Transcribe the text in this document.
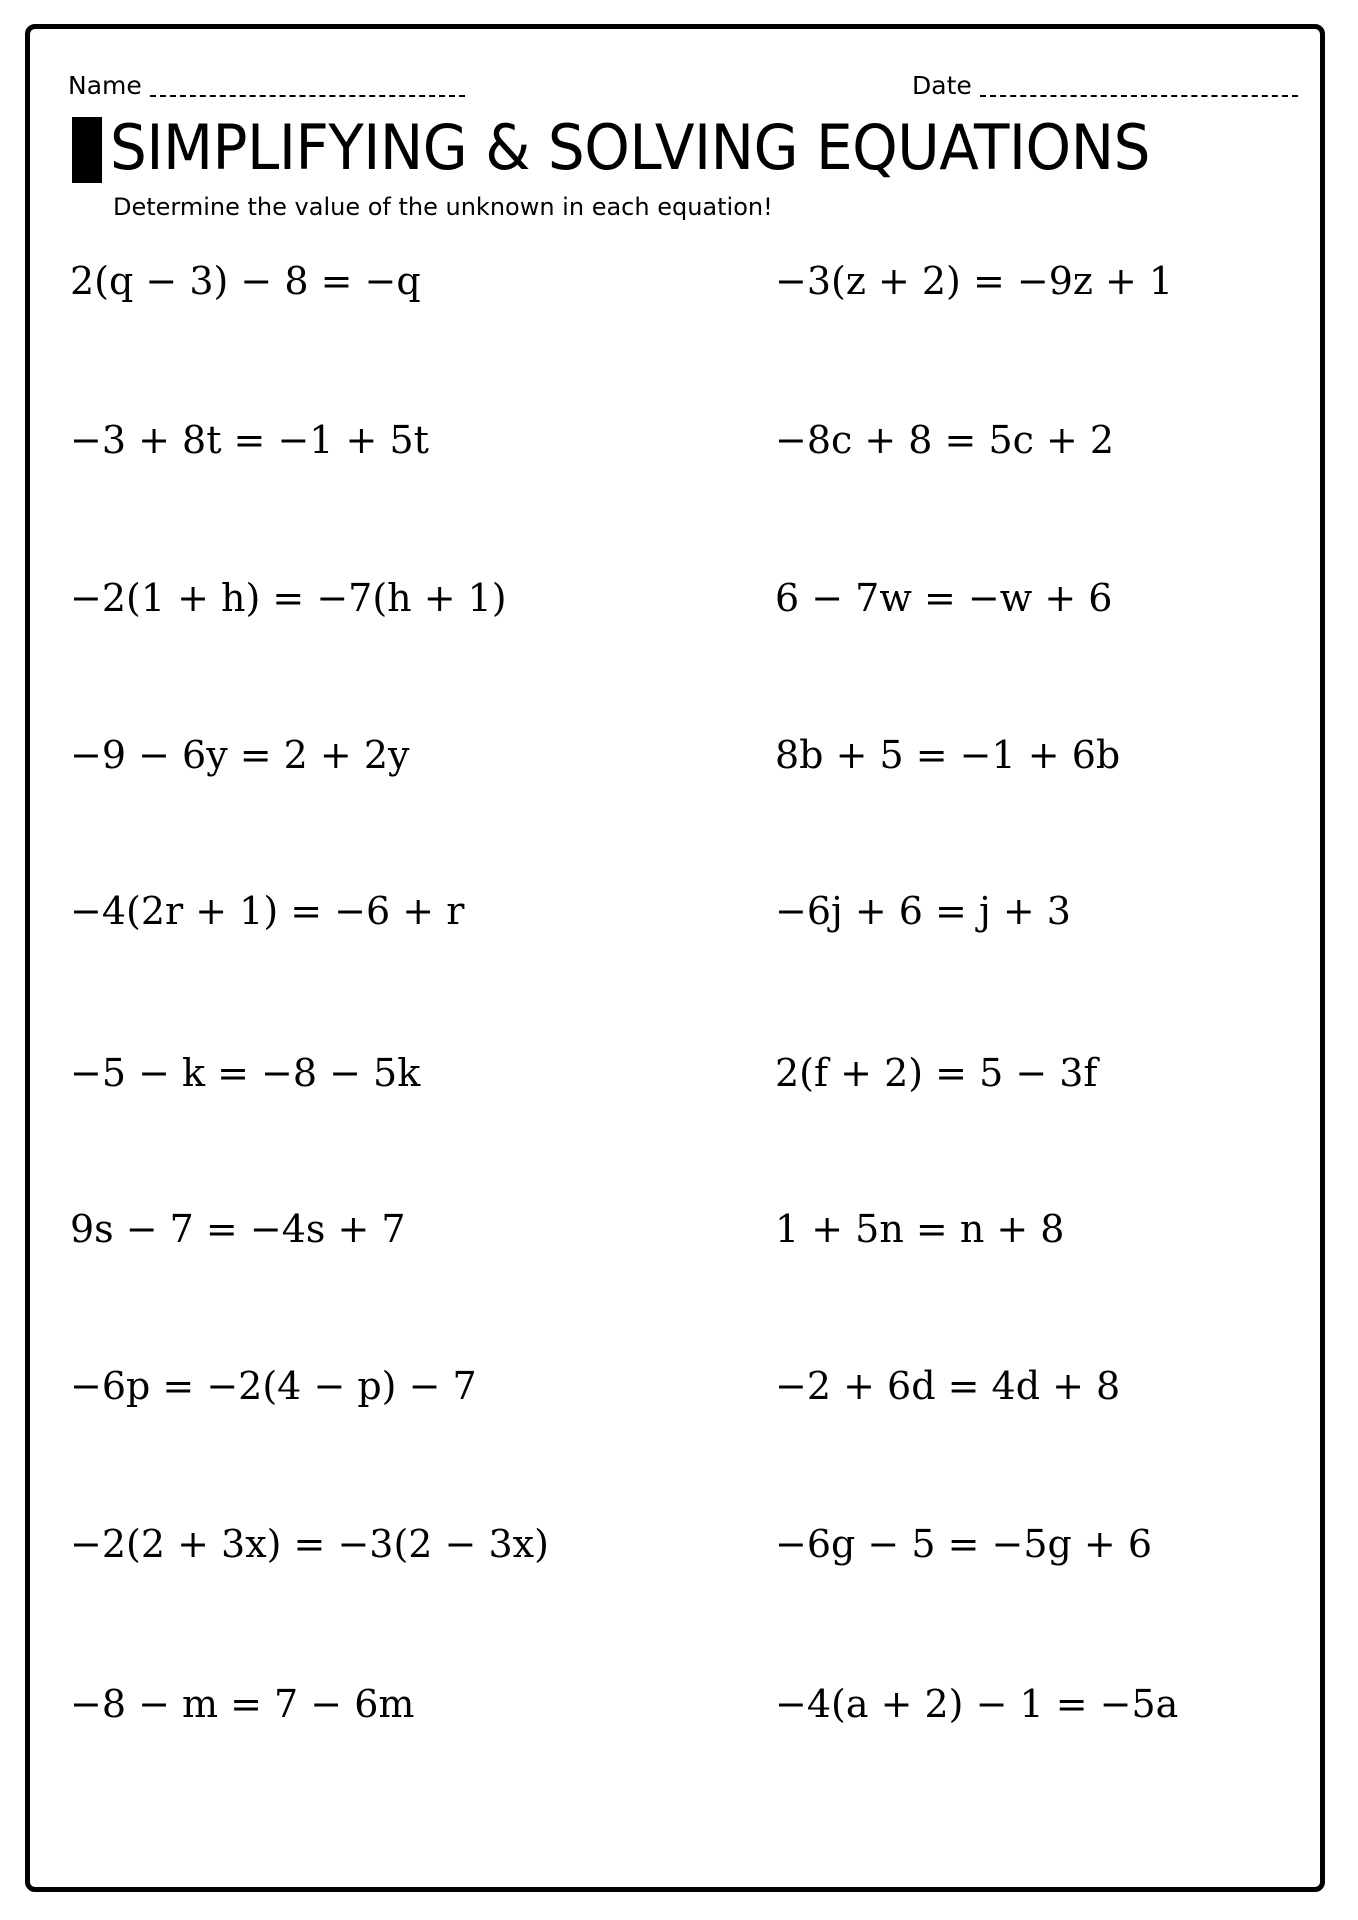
Name	Date
SIMPLIFYING & SOLVING EQUATIONS
Determine the value of the unknown in each equation!
2(q − 3) − 8 = −q	−3(z + 2) = −9z + 1
−3 + 8t = −1 + 5t	−8c + 8 = 5c + 2
−2(1 + h) = −7(h + 1)	6 − 7w = −w + 6
−9 − 6y = 2 + 2y	8b + 5 = −1 + 6b
−4(2r + 1) = −6 + r	−6j + 6 = j + 3
−5 − k = −8 − 5k	2(f + 2) = 5 − 3f
9s − 7 = −4s + 7	1 + 5n = n + 8
−6p = −2(4 − p) − 7	−2 + 6d = 4d + 8
−2(2 + 3x) = −3(2 − 3x)	−6g − 5 = −5g + 6
−8 − m = 7 − 6m	−4(a + 2) − 1 = −5a
